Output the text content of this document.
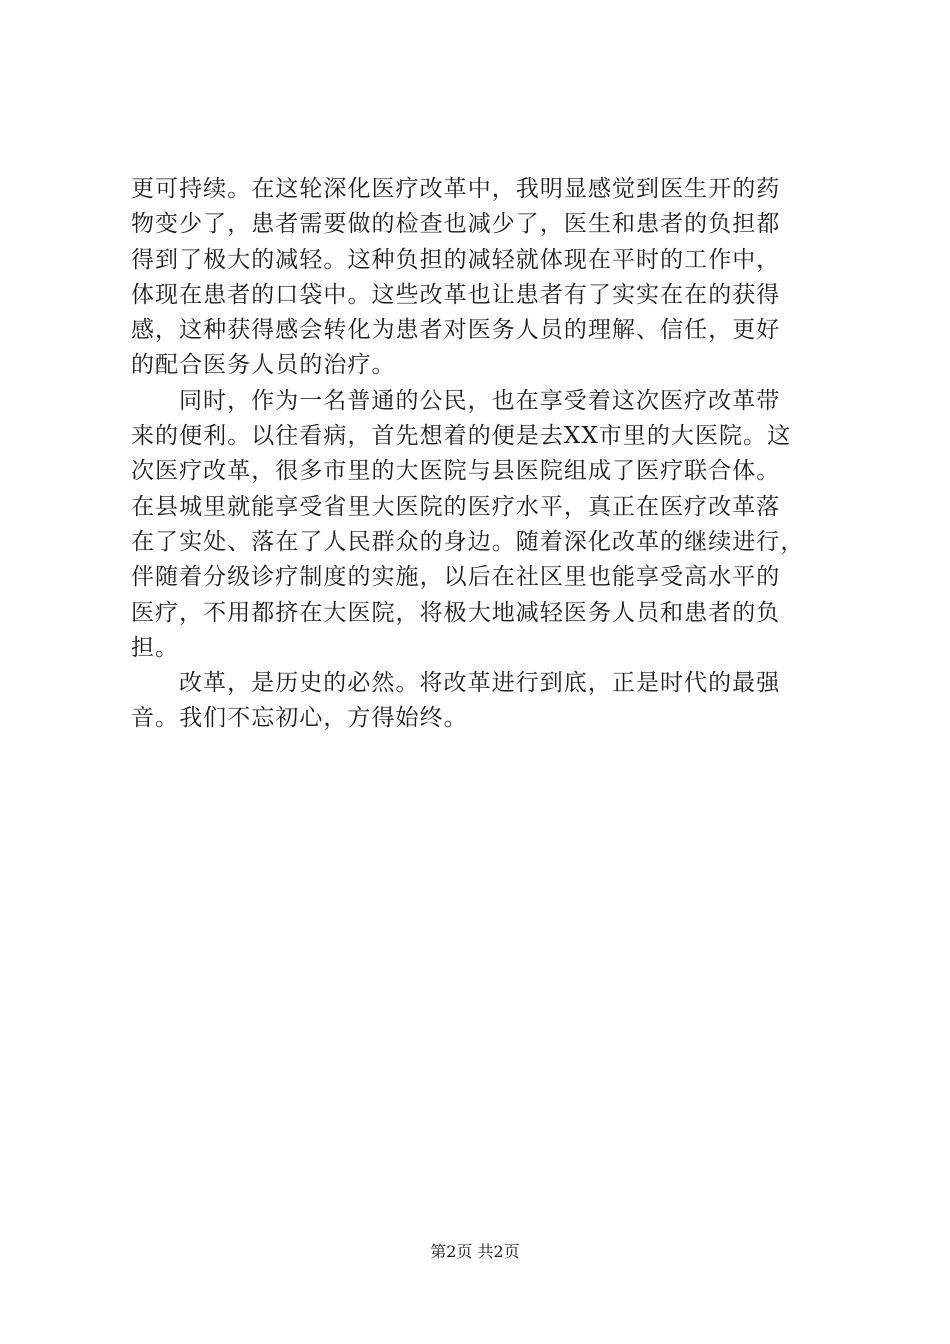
更可持续。在这轮深化医疗改革中，我明显感觉到医生开的药
物变少了，患者需要做的检查也减少了，医生和患者的负担都
得到了极大的减轻。这种负担的减轻就体现在平时的工作中，
体现在患者的口袋中。这些改革也让患者有了实实在在的获得
感，这种获得感会转化为患者对医务人员的理解、信任，更好
的配合医务人员的治疗。
同时，作为一名普通的公民，也在享受着这次医疗改革带
来的便利。以往看病，首先想着的便是去XX市里的大医院。这
次医疗改革，很多市里的大医院与县医院组成了医疗联合体。
在县城里就能享受省里大医院的医疗水平，真正在医疗改革落
在了实处、落在了人民群众的身边。随着深化改革的继续进行，
伴随着分级诊疗制度的实施，以后在社区里也能享受高水平的
医疗，不用都挤在大医院，将极大地减轻医务人员和患者的负
担。
改革，是历史的必然。将改革进行到底，正是时代的最强
音。我们不忘初心，方得始终。
第2页 共2页
